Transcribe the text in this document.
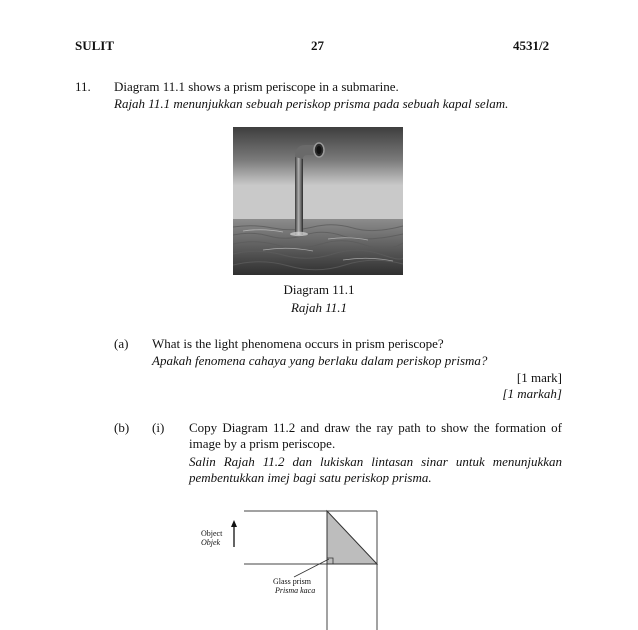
SULIT	27	4531/2
11. Diagram 11.1 shows a prism periscope in a submarine.
Rajah 11.1 menunjukkan sebuah periskop prisma pada sebuah kapal selam.
Diagram 11.1
Rajah 11.1
(a) What is the light phenomena occurs in prism periscope?
Apakah fenomena cahaya yang berlaku dalam periskop prisma?
[1 mark]
[1 markah]
(b) (i) Copy Diagram 11.2 and draw the ray path to show the formation of image by a prism periscope.
Salin Rajah 11.2 dan lukiskan lintasan sinar untuk menunjukkan pembentukkan imej bagi satu periskop prisma.
Object
Objek
Glass prism
Prisma kaca
